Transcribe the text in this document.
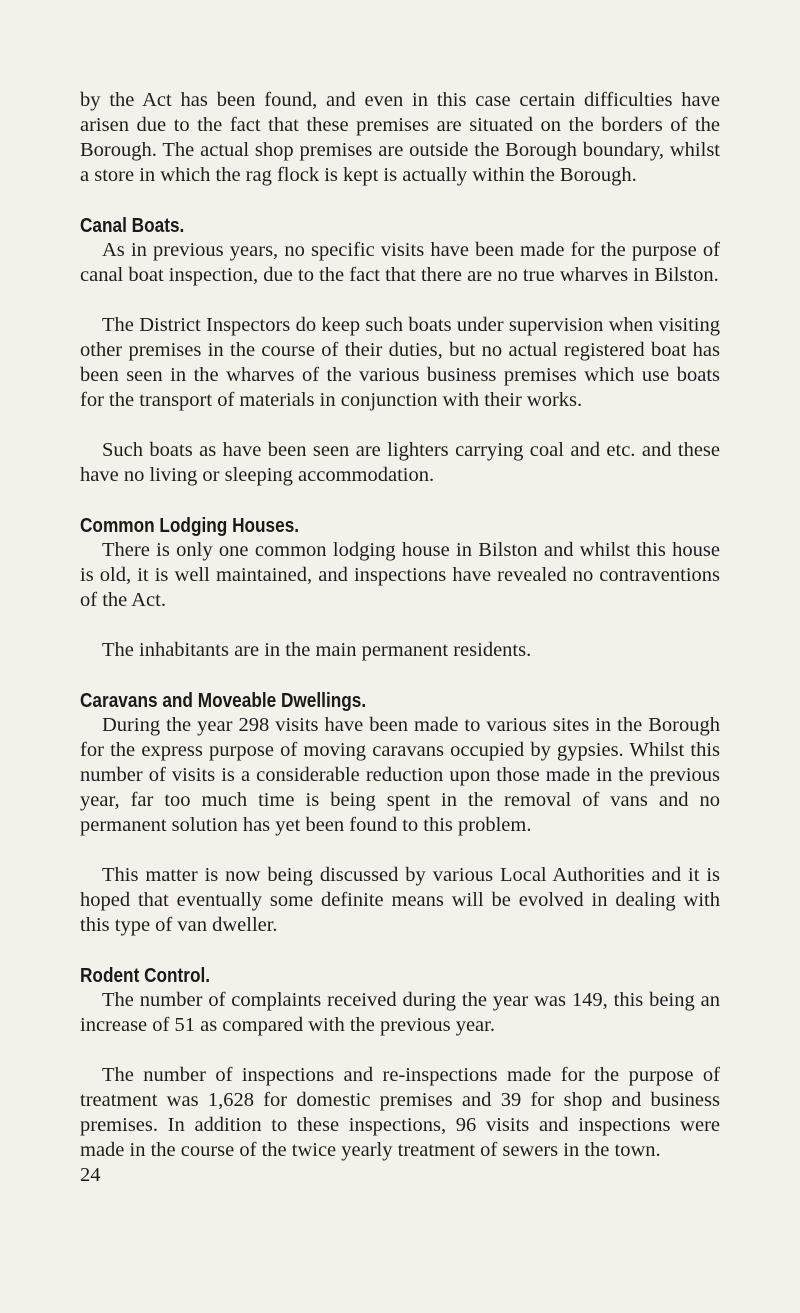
by the Act has been found, and even in this case certain difficulties have arisen due to the fact that these premises are situated on the borders of the Borough. The actual shop premises are outside the Borough boundary, whilst a store in which the rag flock is kept is actually within the Borough.

Canal Boats.

As in previous years, no specific visits have been made for the purpose of canal boat inspection, due to the fact that there are no true wharves in Bilston.

The District Inspectors do keep such boats under supervision when visiting other premises in the course of their duties, but no actual registered boat has been seen in the wharves of the various business premises which use boats for the transport of materials in conjunction with their works.

Such boats as have been seen are lighters carrying coal and etc. and these have no living or sleeping accommodation.

Common Lodging Houses.

There is only one common lodging house in Bilston and whilst this house is old, it is well maintained, and inspections have revealed no contraventions of the Act.

The inhabitants are in the main permanent residents.

Caravans and Moveable Dwellings.

During the year 298 visits have been made to various sites in the Borough for the express purpose of moving caravans occupied by gypsies. Whilst this number of visits is a considerable reduction upon those made in the previous year, far too much time is being spent in the removal of vans and no permanent solution has yet been found to this problem.

This matter is now being discussed by various Local Authorities and it is hoped that eventually some definite means will be evolved in dealing with this type of van dweller.

Rodent Control.

The number of complaints received during the year was 149, this being an increase of 51 as compared with the previous year.

The number of inspections and re-inspections made for the purpose of treatment was 1,628 for domestic premises and 39 for shop and business premises. In addition to these inspections, 96 visits and inspections were made in the course of the twice yearly treatment of sewers in the town.

24
